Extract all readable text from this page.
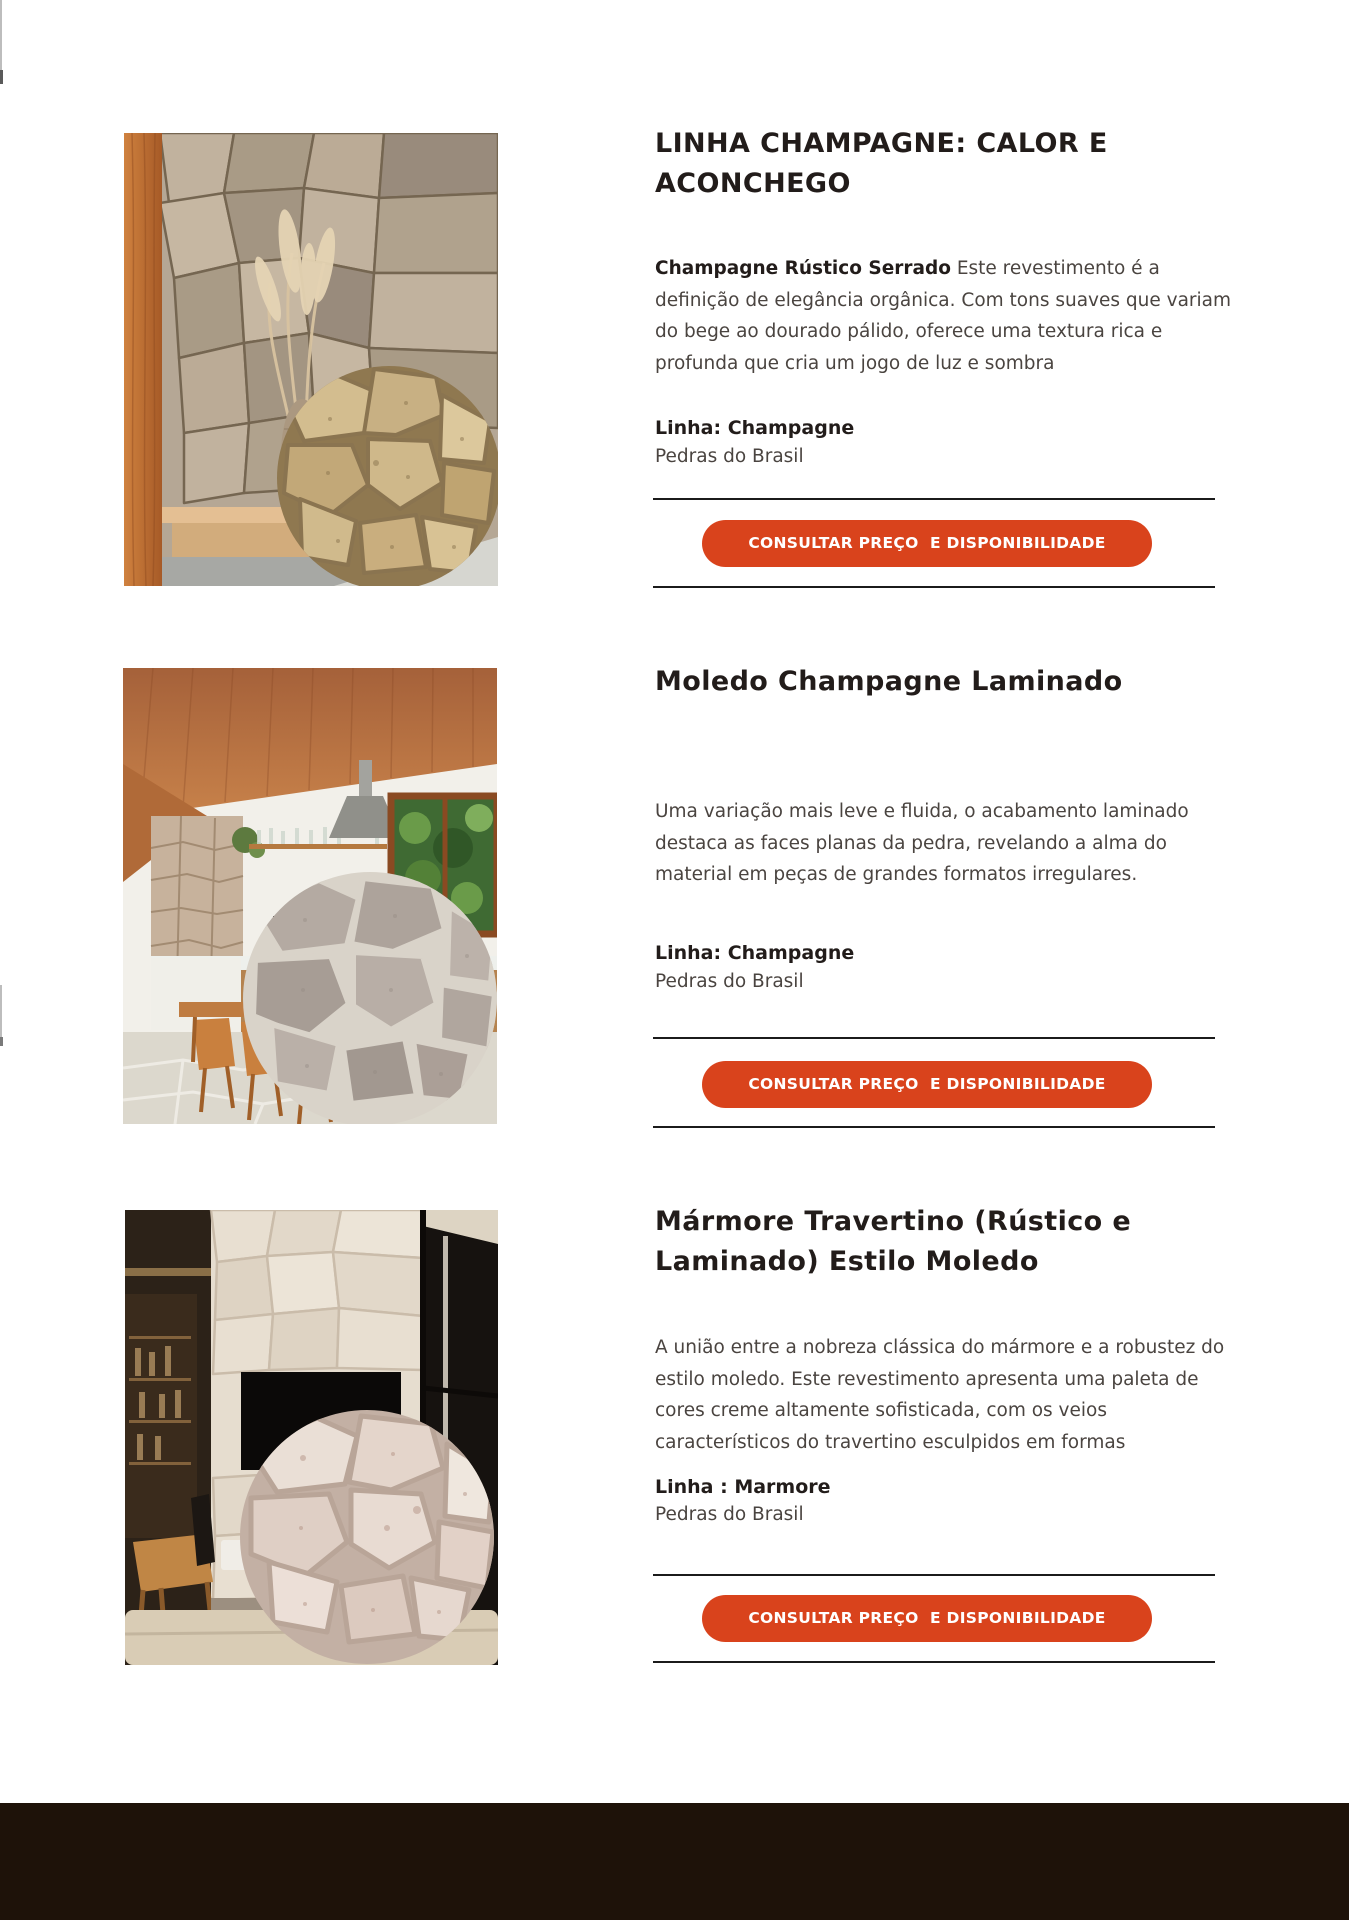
LINHA CHAMPAGNE: CALOR E ACONCHEGO
Champagne Rústico Serrado Este revestimento é a definição de elegância orgânica. Com tons suaves que variam do bege ao dourado pálido, oferece uma textura rica e profunda que cria um jogo de luz e sombra
Linha: Champagne
Pedras do Brasil
CONSULTAR PREÇO  E DISPONIBILIDADE
Moledo Champagne Laminado
Uma variação mais leve e fluida, o acabamento laminado destaca as faces planas da pedra, revelando a alma do material em peças de grandes formatos irregulares.
Linha: Champagne
Pedras do Brasil
CONSULTAR PREÇO  E DISPONIBILIDADE
Mármore Travertino (Rústico e Laminado) Estilo Moledo
A união entre a nobreza clássica do mármore e a robustez do estilo moledo. Este revestimento apresenta uma paleta de cores creme altamente sofisticada, com os veios característicos do travertino esculpidos em formas
Linha : Marmore
Pedras do Brasil
CONSULTAR PREÇO  E DISPONIBILIDADE
